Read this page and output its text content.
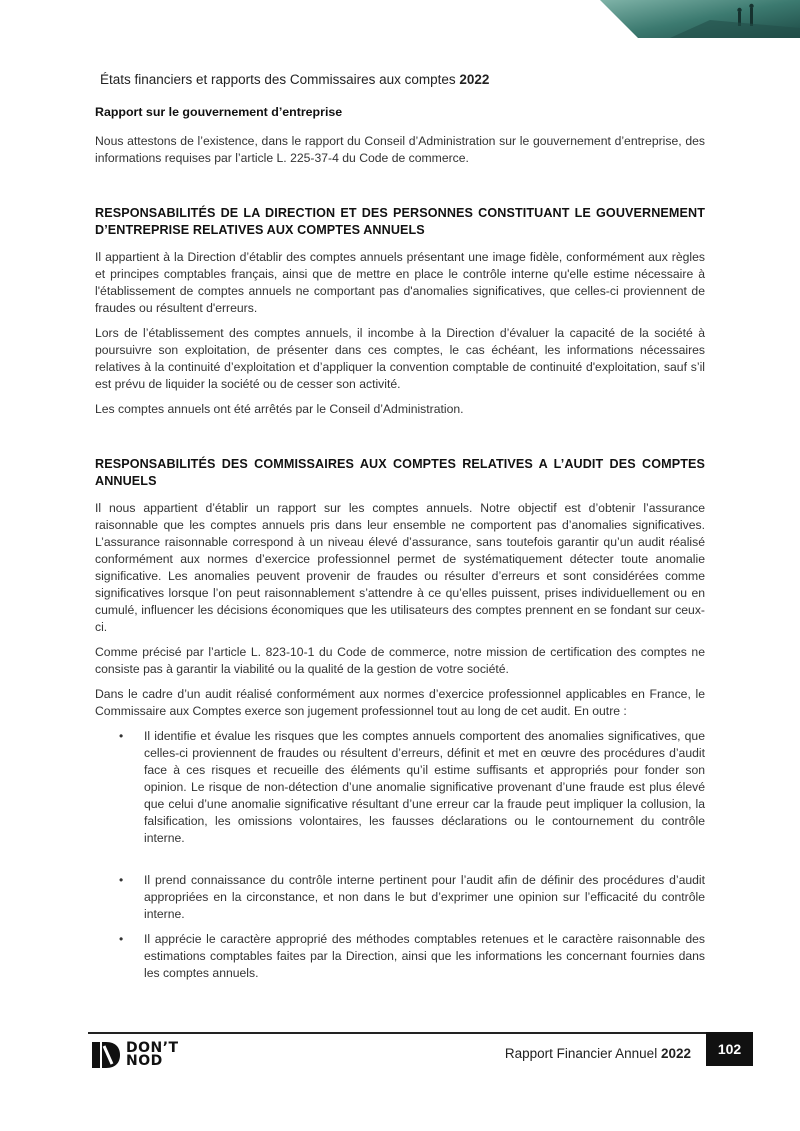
États financiers et rapports des Commissaires aux comptes 2022
Rapport sur le gouvernement d’entreprise

Nous attestons de l’existence, dans le rapport du Conseil d’Administration sur le gouvernement d’entreprise, des informations requises par l’article L. 225-37-4 du Code de commerce.

RESPONSABILITÉS DE LA DIRECTION ET DES PERSONNES CONSTITUANT LE GOUVERNEMENT D’ENTREPRISE RELATIVES AUX COMPTES ANNUELS

Il appartient à la Direction d’établir des comptes annuels présentant une image fidèle, conformément aux règles et principes comptables français, ainsi que de mettre en place le contrôle interne qu'elle estime nécessaire à l'établissement de comptes annuels ne comportant pas d'anomalies significatives, que celles-ci proviennent de fraudes ou résultent d'erreurs.

Lors de l’établissement des comptes annuels, il incombe à la Direction d’évaluer la capacité de la société à poursuivre son exploitation, de présenter dans ces comptes, le cas échéant, les informations nécessaires relatives à la continuité d’exploitation et d’appliquer la convention comptable de continuité d'exploitation, sauf s’il est prévu de liquider la société ou de cesser son activité.

Les comptes annuels ont été arrêtés par le Conseil d’Administration.

RESPONSABILITÉS DES COMMISSAIRES AUX COMPTES RELATIVES A L’AUDIT DES COMPTES ANNUELS

Il nous appartient d’établir un rapport sur les comptes annuels. Notre objectif est d’obtenir l’assurance raisonnable que les comptes annuels pris dans leur ensemble ne comportent pas d’anomalies significatives. L’assurance raisonnable correspond à un niveau élevé d’assurance, sans toutefois garantir qu’un audit réalisé conformément aux normes d’exercice professionnel permet de systématiquement détecter toute anomalie significative. Les anomalies peuvent provenir de fraudes ou résulter d’erreurs et sont considérées comme significatives lorsque l’on peut raisonnablement s’attendre à ce qu’elles puissent, prises individuellement ou en cumulé, influencer les décisions économiques que les utilisateurs des comptes prennent en se fondant sur ceux-ci.

Comme précisé par l’article L. 823-10-1 du Code de commerce, notre mission de certification des comptes ne consiste pas à garantir la viabilité ou la qualité de la gestion de votre société.

Dans le cadre d’un audit réalisé conformément aux normes d’exercice professionnel applicables en France, le Commissaire aux Comptes exerce son jugement professionnel tout au long de cet audit. En outre :

• Il identifie et évalue les risques que les comptes annuels comportent des anomalies significatives, que celles-ci proviennent de fraudes ou résultent d’erreurs, définit et met en œuvre des procédures d’audit face à ces risques et recueille des éléments qu’il estime suffisants et appropriés pour fonder son opinion. Le risque de non-détection d’une anomalie significative provenant d’une fraude est plus élevé que celui d’une anomalie significative résultant d’une erreur car la fraude peut impliquer la collusion, la falsification, les omissions volontaires, les fausses déclarations ou le contournement du contrôle interne.
• Il prend connaissance du contrôle interne pertinent pour l’audit afin de définir des procédures d’audit appropriées en la circonstance, et non dans le but d’exprimer une opinion sur l’efficacité du contrôle interne.
• Il apprécie le caractère approprié des méthodes comptables retenues et le caractère raisonnable des estimations comptables faites par la Direction, ainsi que les informations les concernant fournies dans les comptes annuels.
DON’T
NOD	Rapport Financier Annuel 2022	102
